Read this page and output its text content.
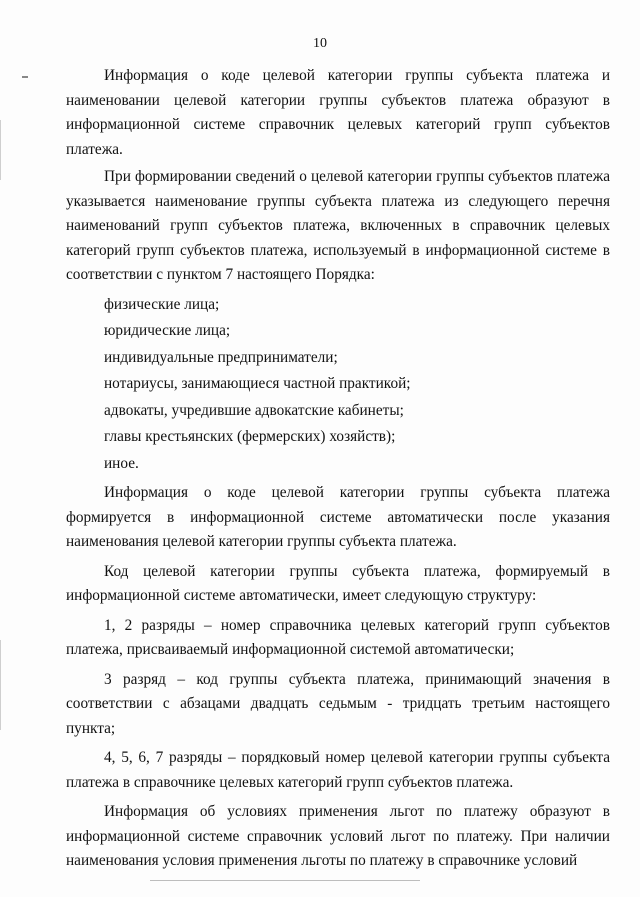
10

Информация о коде целевой категории группы субъекта платежа и наименовании целевой категории группы субъектов платежа образуют в информационной системе справочник целевых категорий групп субъектов платежа.

При формировании сведений о целевой категории группы субъектов платежа указывается наименование группы субъекта платежа из следующего перечня наименований групп субъектов платежа, включенных в справочник целевых категорий групп субъектов платежа, используемый в информационной системе в соответствии с пунктом 7 настоящего Порядка:

физические лица;
юридические лица;
индивидуальные предприниматели;
нотариусы, занимающиеся частной практикой;
адвокаты, учредившие адвокатские кабинеты;
главы крестьянских (фермерских) хозяйств);
иное.

Информация о коде целевой категории группы субъекта платежа формируется в информационной системе автоматически после указания наименования целевой категории группы субъекта платежа.

Код целевой категории группы субъекта платежа, формируемый в информационной системе автоматически, имеет следующую структуру:

1, 2 разряды – номер справочника целевых категорий групп субъектов платежа, присваиваемый информационной системой автоматически;

3 разряд – код группы субъекта платежа, принимающий значения в соответствии с абзацами двадцать седьмым - тридцать третьим настоящего пункта;

4, 5, 6, 7 разряды – порядковый номер целевой категории группы субъекта платежа в справочнике целевых категорий групп субъектов платежа.

Информация об условиях применения льгот по платежу образуют в информационной системе справочник условий льгот по платежу. При наличии наименования условия применения льготы по платежу в справочнике условий
